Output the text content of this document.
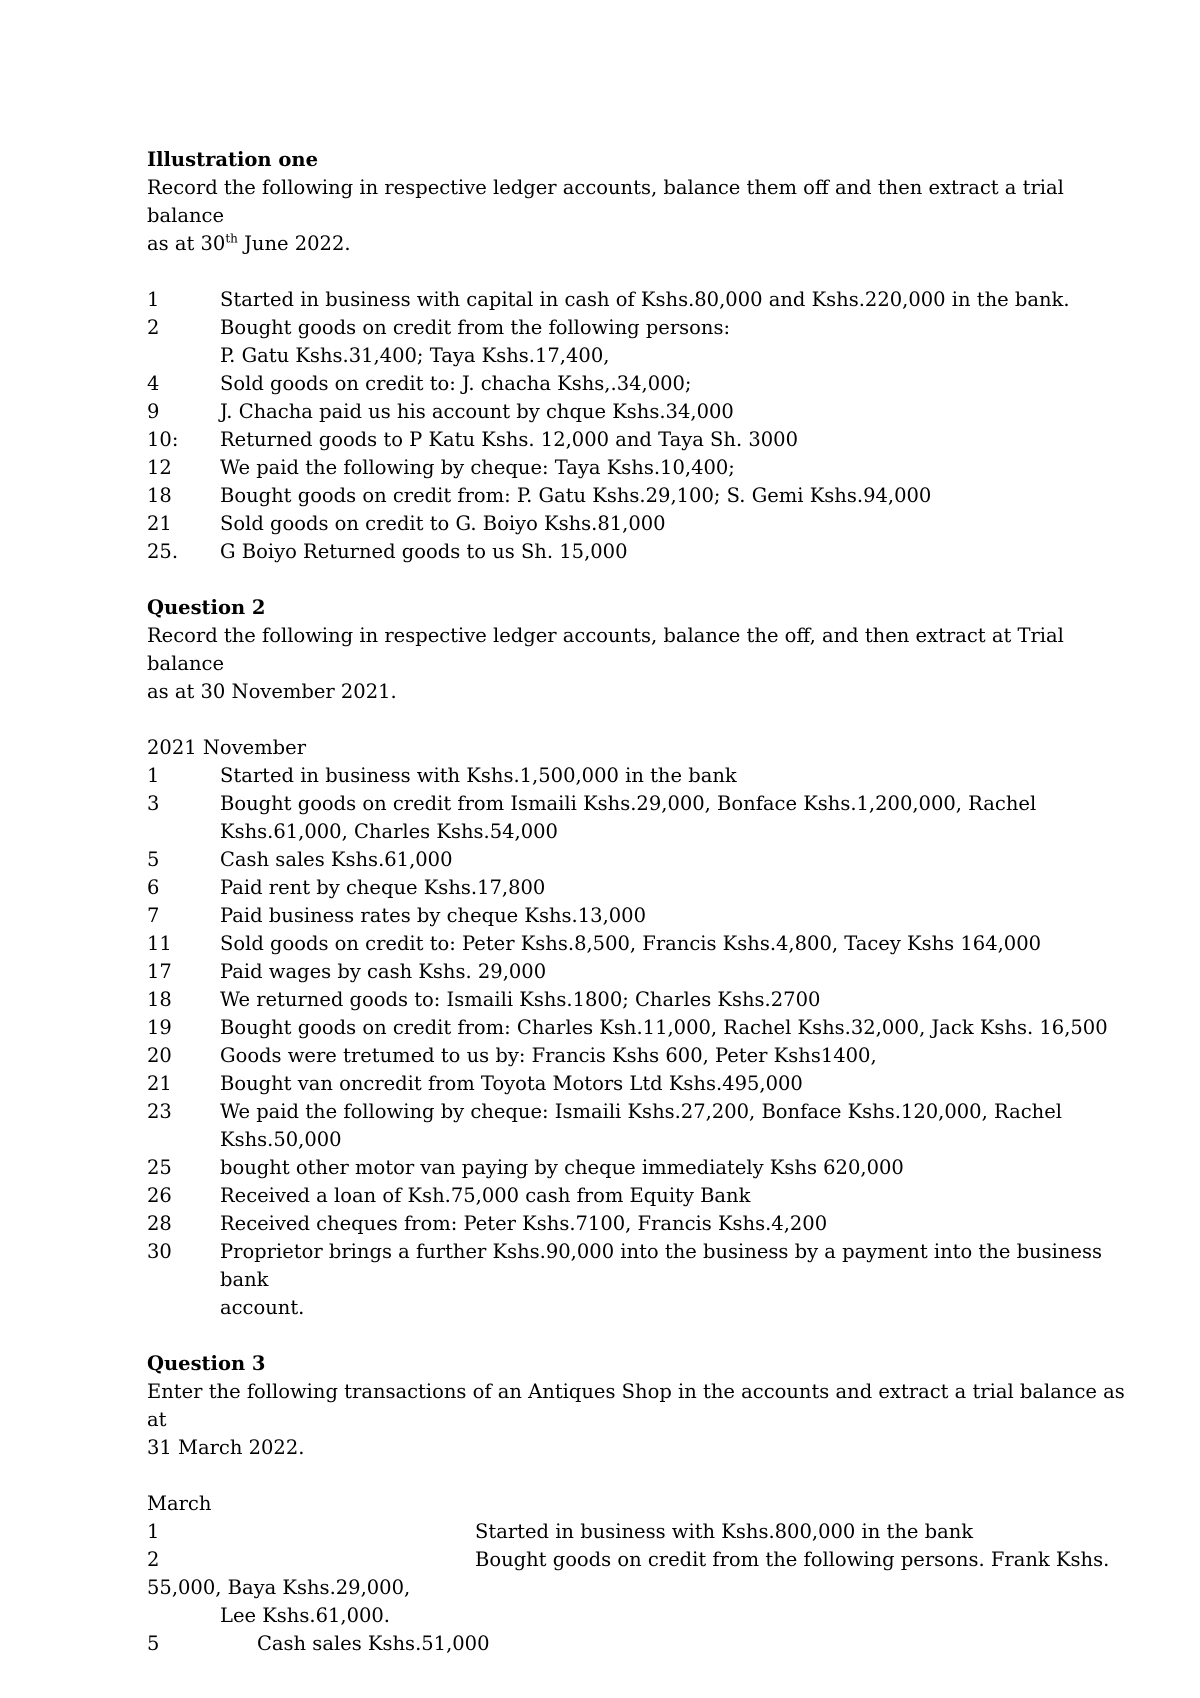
Illustration one

Record the following in respective ledger accounts, balance them off and then extract a trial balance

as at 30th June 2022.

1	Started in business with capital in cash of Kshs.80,000 and Kshs.220,000 in the bank.
2	Bought goods on credit from the following persons:
P. Gatu Kshs.31,400; Taya Kshs.17,400,
4	Sold goods on credit to: J. chacha Kshs,.34,000;
9	J. Chacha paid us his account by chque Kshs.34,000
10:	Returned goods to P Katu Kshs. 12,000 and Taya Sh. 3000
12	We paid the following by cheque: Taya Kshs.10,400;
18	Bought goods on credit from: P. Gatu Kshs.29,100; S. Gemi Kshs.94,000
21	Sold goods on credit to G. Boiyo Kshs.81,000
25.	G Boiyo Returned goods to us Sh. 15,000

Question 2

Record the following in respective ledger accounts, balance the off, and then extract at Trial balance

as at 30 November 2021.

2021 November

1	Started in business with Kshs.1,500,000 in the bank
3	Bought goods on credit from Ismaili Kshs.29,000, Bonface Kshs.1,200,000, Rachel
Kshs.61,000, Charles Kshs.54,000
5	Cash sales Kshs.61,000
6	Paid rent by cheque Kshs.17,800
7	Paid business rates by cheque Kshs.13,000
11	Sold goods on credit to: Peter Kshs.8,500, Francis Kshs.4,800, Tacey Kshs 164,000
17	Paid wages by cash Kshs. 29,000
18	We returned goods to: Ismaili Kshs.1800; Charles Kshs.2700
19	Bought goods on credit from: Charles Ksh.11,000, Rachel Kshs.32,000, Jack Kshs. 16,500
20	Goods were tretumed to us by: Francis Kshs 600, Peter Kshs1400,
21	Bought van oncredit from Toyota Motors Ltd Kshs.495,000
23	We paid the following by cheque: Ismaili Kshs.27,200, Bonface Kshs.120,000, Rachel
Kshs.50,000
25	bought other motor van paying by cheque immediately Kshs 620,000
26	Received a loan of Ksh.75,000 cash from Equity Bank
28	Received cheques from: Peter Kshs.7100, Francis Kshs.4,200
30	Proprietor brings a further Kshs.90,000 into the business by a payment into the business bank
account.

Question 3

Enter the following transactions of an Antiques Shop in the accounts and extract a trial balance as at

31 March 2022.

March

1	Started in business with Kshs.800,000 in the bank
2	Bought goods on credit from the following persons. Frank Kshs.

55,000, Baya Kshs.29,000,

Lee Kshs.61,000.

5	Cash sales Kshs.51,000
